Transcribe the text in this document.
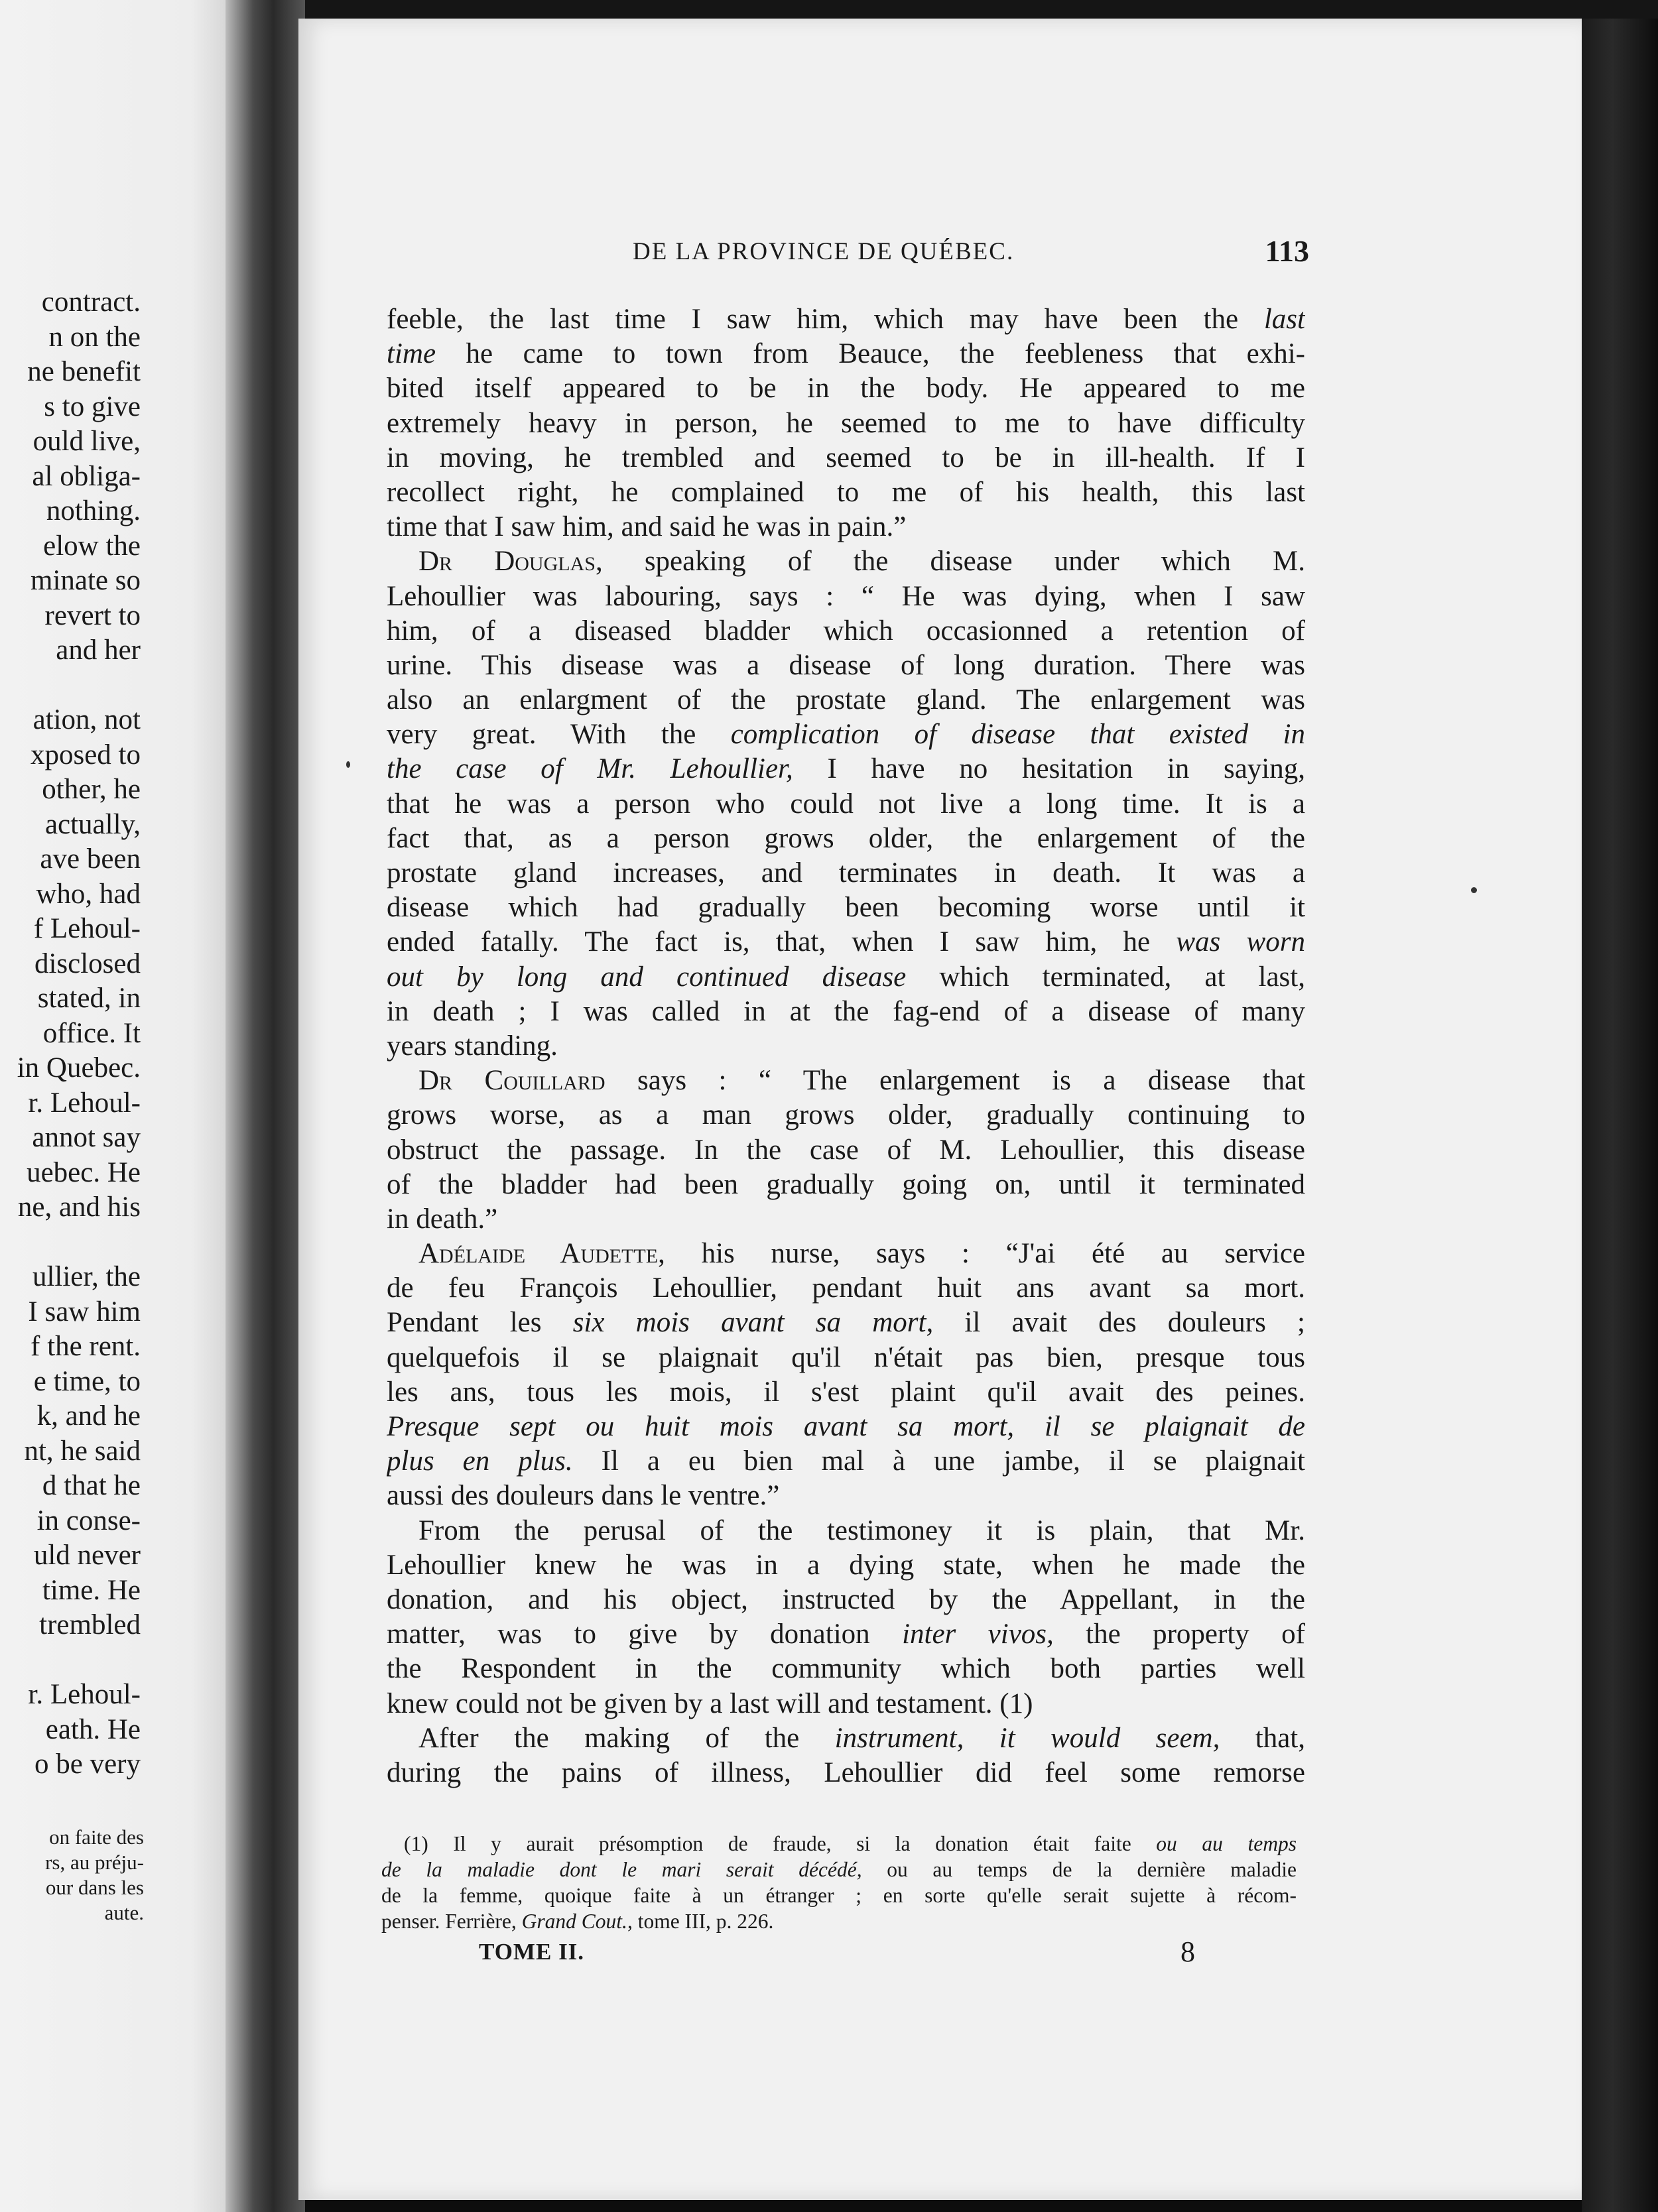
contract.
n on the
ne benefit
s to give
ould live,
al obliga-
nothing.
elow the
minate so
revert to
and her

ation, not
xposed to
other, he
actually,
ave been
who, had
f Lehoul-
disclosed
stated, in
office. It
in Quebec.
r. Lehoul-
annot say
uebec. He
ne, and his

ullier, the
I saw him
f the rent.
e time, to
k, and he
nt, he said
d that he
in conse-
uld never
time. He
trembled

r. Lehoul-
eath. He
o be very
on faite des
rs, au préju-
our dans les
aute.
DE LA PROVINCE DE QUÉBEC.	113
feeble, the last time I saw him, which may have been the last
time he came to town from Beauce, the feebleness that exhi-
bited itself appeared to be in the body. He appeared to me
extremely heavy in person, he seemed to me to have difficulty
in moving, he trembled and seemed to be in ill-health. If I
recollect right, he complained to me of his health, this last
time that I saw him, and said he was in pain.”
Dr Douglas, speaking of the disease under which M.
Lehoullier was labouring, says : “ He was dying, when I saw
him, of a diseased bladder which occasionned a retention of
urine. This disease was a disease of long duration. There was
also an enlargment of the prostate gland. The enlargement was
very great. With the complication of disease that existed in
the case of Mr. Lehoullier, I have no hesitation in saying,
that he was a person who could not live a long time. It is a
fact that, as a person grows older, the enlargement of the
prostate gland increases, and terminates in death. It was a
disease which had gradually been becoming worse until it
ended fatally. The fact is, that, when I saw him, he was worn
out by long and continued disease which terminated, at last,
in death ; I was called in at the fag-end of a disease of many
years standing.
Dr Couillard says : “ The enlargement is a disease that
grows worse, as a man grows older, gradually continuing to
obstruct the passage. In the case of M. Lehoullier, this disease
of the bladder had been gradually going on, until it terminated
in death.”
Adélaide Audette, his nurse, says : “J'ai été au service
de feu François Lehoullier, pendant huit ans avant sa mort.
Pendant les six mois avant sa mort, il avait des douleurs ;
quelquefois il se plaignait qu'il n'était pas bien, presque tous
les ans, tous les mois, il s'est plaint qu'il avait des peines.
Presque sept ou huit mois avant sa mort, il se plaignait de
plus en plus. Il a eu bien mal à une jambe, il se plaignait
aussi des douleurs dans le ventre.”
From the perusal of the testimoney it is plain, that Mr.
Lehoullier knew he was in a dying state, when he made the
donation, and his object, instructed by the Appellant, in the
matter, was to give by donation inter vivos, the property of
the Respondent in the community which both parties well
knew could not be given by a last will and testament. (1)
After the making of the instrument, it would seem, that,
during the pains of illness, Lehoullier did feel some remorse
(1) Il y aurait présomption de fraude, si la donation était faite ou au temps
de la maladie dont le mari serait décédé, ou au temps de la dernière maladie
de la femme, quoique faite à un étranger ; en sorte qu'elle serait sujette à récom-
penser. Ferrière, Grand Cout., tome III, p. 226.
TOME II.	8
